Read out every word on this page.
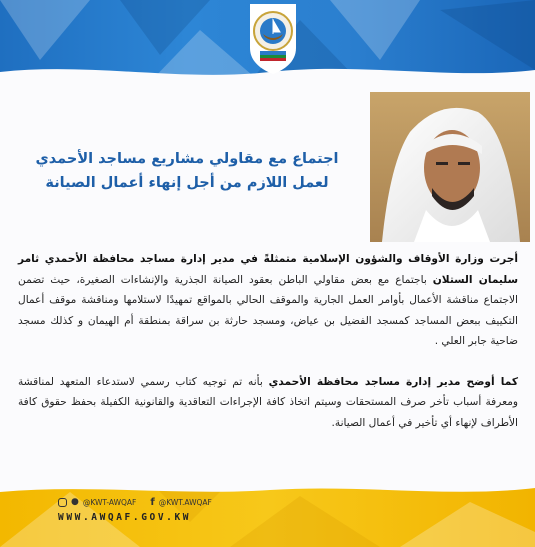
اجتماع مع مقاولي مشاريع مساجد الأحمدي
لعمل اللازم من أجل إنهاء أعمال الصيانة

أجرت وزارة الأوقاف والشؤون الإسلامية متمثلةً في مدير إدارة مساجد محافظة الأحمدي ثامر سليمان الستلان باجتماع مع بعض مقاولي الباطن بعقود الصيانة الجذرية والإنشاءات الصغيرة، حيث تضمن الاجتماع مناقشة الأعمال بأوامر العمل الجارية والموقف الحالي بالمواقع تمهيدًا لاستلامها ومناقشة موقف أعمال التكييف ببعض المساجد كمسجد الفضيل بن عياض، ومسجد حارثة بن سراقة بمنطقة أم الهيمان و كذلك مسجد ضاحية جابر العلي .

كما أوضح مدير إدارة مساجد محافظة الأحمدي بأنه تم توجيه كتاب رسمي لاستدعاء المتعهد لمناقشة ومعرفة أسباب تأخر صرف المستحقات وسيتم اتخاذ كافة الإجراءات التعاقدية والقانونية الكفيلة بحفظ حقوق كافة الأطراف لإنهاء أي تأخير في أعمال الصيانة.

● @KWT-AWQAF f @KWT.AWQAF
WWW.AWQAF.GOV.KW
